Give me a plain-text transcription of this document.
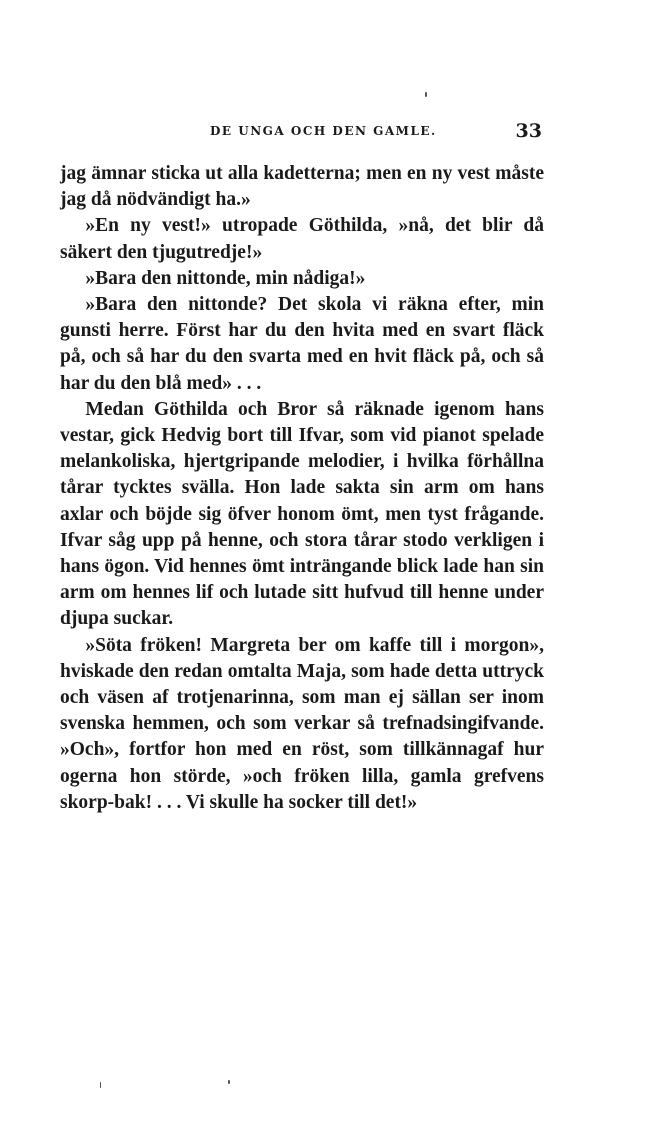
DE UNGA OCH DEN GAMLE.	33

jag ämnar sticka ut alla kadetterna; men en ny vest måste jag då nödvändigt ha.»

»En ny vest!» utropade Göthilda, »nå, det blir då säkert den tjugutredje!»

»Bara den nittonde, min nådiga!»

»Bara den nittonde? Det skola vi räkna efter, min gunsti herre. Först har du den hvita med en svart fläck på, och så har du den svarta med en hvit fläck på, och så har du den blå med» . . .

Medan Göthilda och Bror så räknade igenom hans vestar, gick Hedvig bort till Ifvar, som vid pianot spelade melankoliska, hjertgripande melodier, i hvilka förhållna tårar tycktes svälla. Hon lade sakta sin arm om hans axlar och böjde sig öfver honom ömt, men tyst frågande. Ifvar såg upp på henne, och stora tårar stodo verkligen i hans ögon. Vid hennes ömt inträngande blick lade han sin arm om hennes lif och lutade sitt hufvud till henne under djupa suckar.

»Söta fröken! Margreta ber om kaffe till i morgon», hviskade den redan omtalta Maja, som hade detta uttryck och väsen af trotjenarinna, som man ej sällan ser inom svenska hemmen, och som verkar så trefnadsingifvande. »Och», fortfor hon med en röst, som tillkännagaf hur ogerna hon störde, »och fröken lilla, gamla grefvens skorp-bak! . . . Vi skulle ha socker till det!»
